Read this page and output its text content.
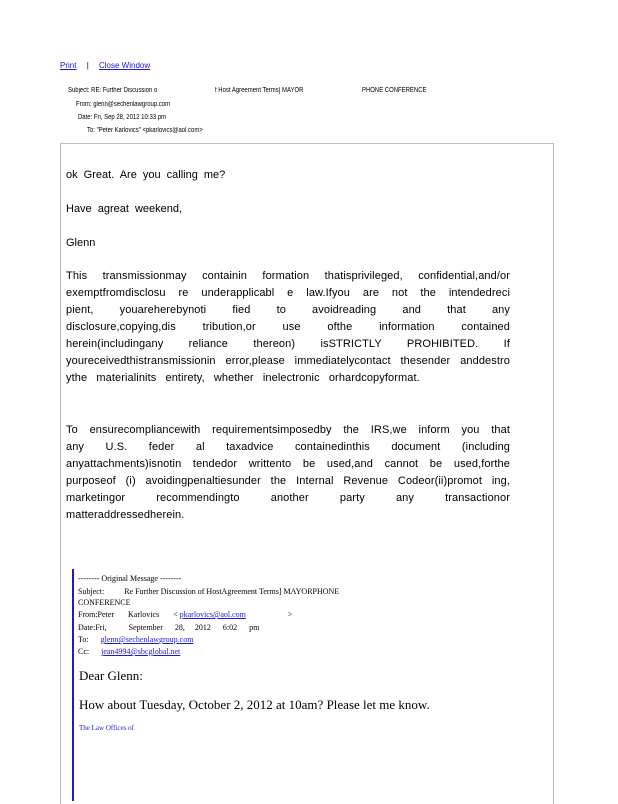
Print | Close Window
Subject: RE: Further Discussion o	f Host Agreement Terms] MAYOR	PHONE CONFERENCE
From: glenn@sechenlawgroup.com
Date: Fri, Sep 28, 2012 10:33 pm
To: "Peter Karlovics" <pkarlovics@aol.com>
ok Great. Are you calling me?
Have agreat weekend,
Glenn
This transmissionmay containin formation thatisprivileged, confidential,and/or exemptfromdisclosu re underapplicabl e law.Ifyou are not the intendedreci pient, youareherebynoti fied to avoidreading and that any disclosure,copying,dis tribution,or use ofthe information contained herein(includingany reliance thereon) isSTRICTLY PROHIBITED. If youreceivedthistransmissionin error,please immediatelycontact thesender anddestro ythe materialinits entirety, whether inelectronic orhardcopyformat.
To ensurecompliancewith requirementsimposedby the IRS,we inform you that any U.S. feder al taxadvice containedinthis document (including anyattachments)isnotin tendedor writtento be used,and cannot be used,forthe purposeof (i) avoidingpenaltiesunder the Internal Revenue Codeor(ii)promot ing, marketingor recommendingto another party any transactionor matteraddressedherein.
-------- Original Message --------
Subject:	Re Further Discussion of HostAgreement Terms] MAYORPHONE
CONFERENCE
From:Peter Karlovics < pkarlovics@aol.com	>
Date:Fri,	September      28,     2012      6:02      pm
To: glenn@sechenlawgroup.com
Cc: jean4994@sbcglobal.net
Dear Glenn:
How about Tuesday, October 2, 2012 at 10am? Please let me know.
The Law Offices of
